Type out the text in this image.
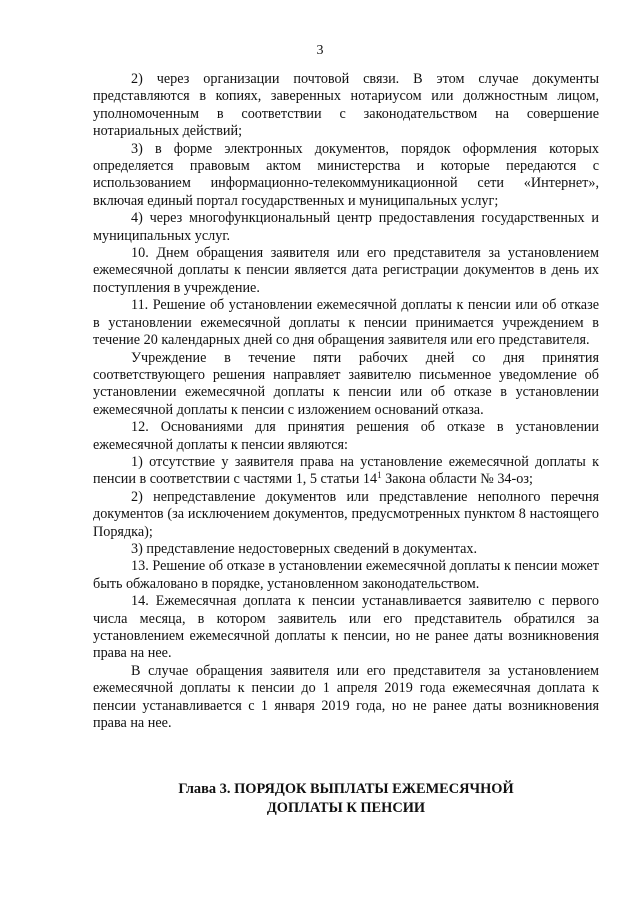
3

2) через организации почтовой связи. В этом случае документы представляются в копиях, заверенных нотариусом или должностным лицом, уполномоченным в соответствии с законодательством на совершение нотариальных действий;

3) в форме электронных документов, порядок оформления которых определяется правовым актом министерства и которые передаются с использованием информационно-телекоммуникационной сети «Интернет», включая единый портал государственных и муниципальных услуг;

4) через многофункциональный центр предоставления государственных и муниципальных услуг.

10. Днем обращения заявителя или его представителя за установлением ежемесячной доплаты к пенсии является дата регистрации документов в день их поступления в учреждение.

11. Решение об установлении ежемесячной доплаты к пенсии или об отказе в установлении ежемесячной доплаты к пенсии принимается учреждением в течение 20 календарных дней со дня обращения заявителя или его представителя.

Учреждение в течение пяти рабочих дней со дня принятия соответствующего решения направляет заявителю письменное уведомление об установлении ежемесячной доплаты к пенсии или об отказе в установлении ежемесячной доплаты к пенсии с изложением оснований отказа.

12. Основаниями для принятия решения об отказе в установлении ежемесячной доплаты к пенсии являются:

1) отсутствие у заявителя права на установление ежемесячной доплаты к пенсии в соответствии с частями 1, 5 статьи $14^1$ Закона области № 34-оз;

2) непредставление документов или представление неполного перечня документов (за исключением документов, предусмотренных пунктом 8 настоящего Порядка);

3) представление недостоверных сведений в документах.

13. Решение об отказе в установлении ежемесячной доплаты к пенсии может быть обжаловано в порядке, установленном законодательством.

14. Ежемесячная доплата к пенсии устанавливается заявителю с первого числа месяца, в котором заявитель или его представитель обратился за установлением ежемесячной доплаты к пенсии, но не ранее даты возникновения права на нее.

В случае обращения заявителя или его представителя за установлением ежемесячной доплаты к пенсии до 1 апреля 2019 года ежемесячная доплата к пенсии устанавливается с 1 января 2019 года, но не ранее даты возникновения права на нее.

Глава 3. ПОРЯДОК ВЫПЛАТЫ ЕЖЕМЕСЯЧНОЙ
ДОПЛАТЫ К ПЕНСИИ
